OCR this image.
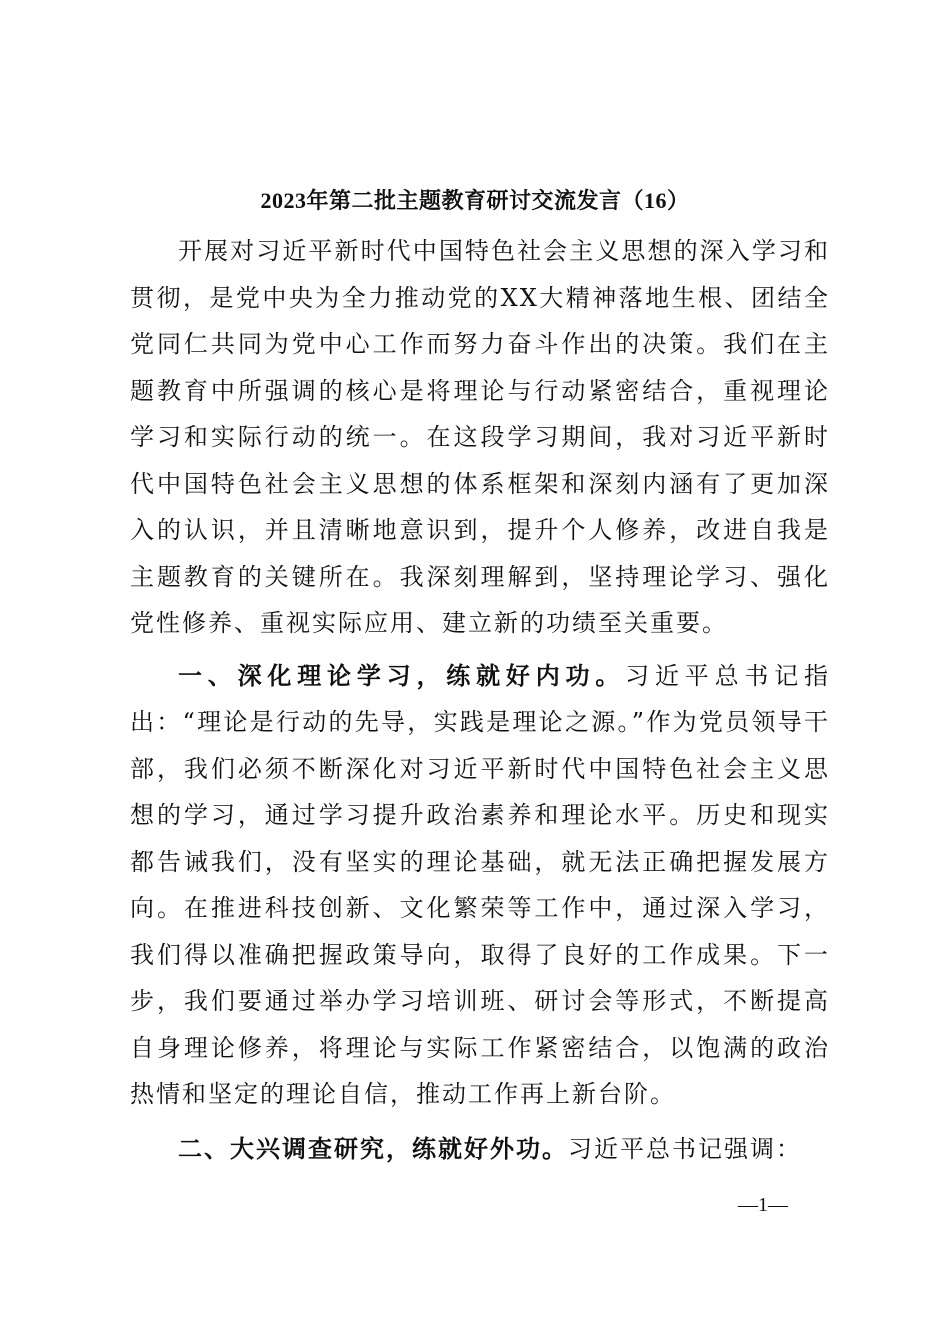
2023年第二批主题教育研讨交流发言（16）

开展对习近平新时代中国特色社会主义思想的深入学习和贯彻，是党中央为全力推动党的XX大精神落地生根、团结全党同仁共同为党中心工作而努力奋斗作出的决策。我们在主题教育中所强调的核心是将理论与行动紧密结合，重视理论学习和实际行动的统一。在这段学习期间，我对习近平新时代中国特色社会主义思想的体系框架和深刻内涵有了更加深入的认识，并且清晰地意识到，提升个人修养，改进自我是主题教育的关键所在。我深刻理解到，坚持理论学习、强化党性修养、重视实际应用、建立新的功绩至关重要。

一、深化理论学习，练就好内功。习近平总书记指出：“理论是行动的先导，实践是理论之源。”作为党员领导干部，我们必须不断深化对习近平新时代中国特色社会主义思想的学习，通过学习提升政治素养和理论水平。历史和现实都告诫我们，没有坚实的理论基础，就无法正确把握发展方向。在推进科技创新、文化繁荣等工作中，通过深入学习，我们得以准确把握政策导向，取得了良好的工作成果。下一步，我们要通过举办学习培训班、研讨会等形式，不断提高自身理论修养，将理论与实际工作紧密结合，以饱满的政治热情和坚定的理论自信，推动工作再上新台阶。

二、大兴调查研究，练就好外功。习近平总书记强调：

—1—
